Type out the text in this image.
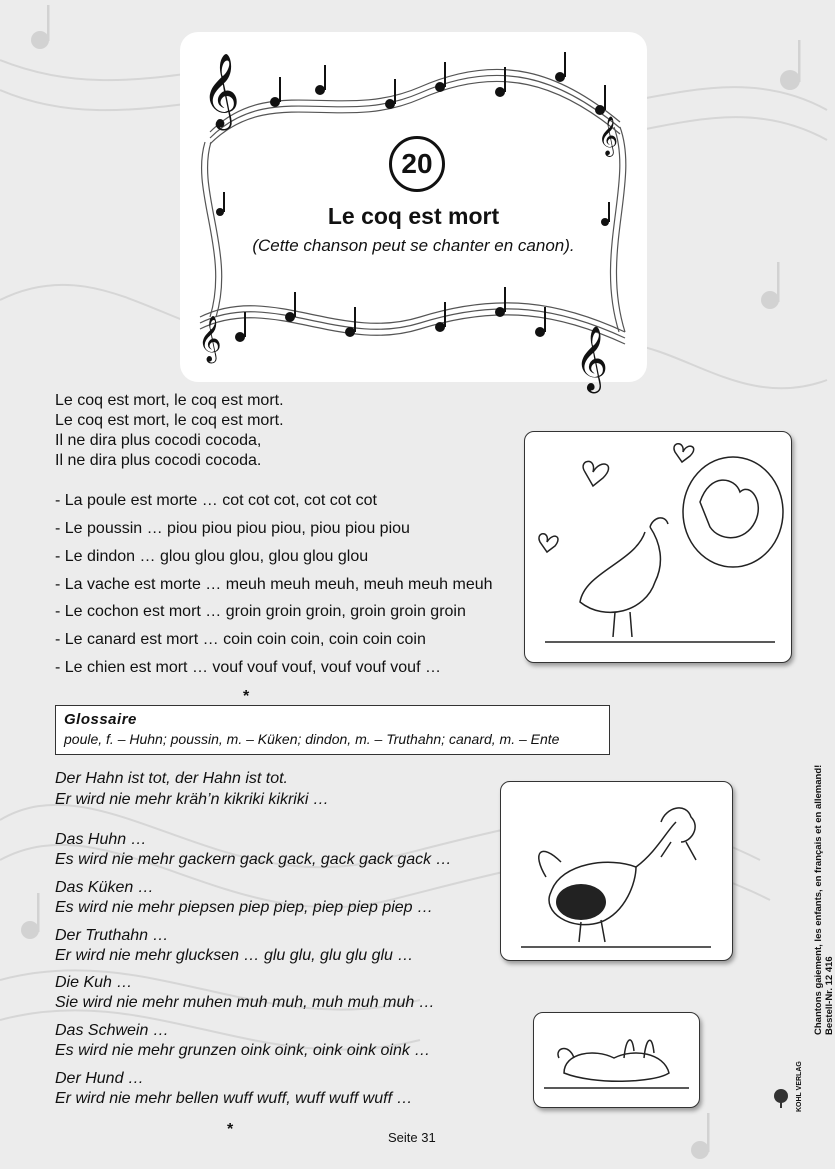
𝄞
𝄞
𝄞
𝄞
20
Le coq est mort
(Cette chanson peut se chanter en canon).
Le coq est mort, le coq est mort.
Le coq est mort, le coq est mort.
Il ne dira plus cocodi cocoda,
Il ne dira plus cocodi cocoda.
- La poule est morte … cot cot cot, cot cot cot
- Le poussin … piou piou piou piou, piou piou piou
- Le dindon … glou glou glou, glou glou glou
- La vache est morte … meuh meuh meuh, meuh meuh meuh
- Le cochon est mort … groin groin groin, groin groin groin
- Le canard est mort … coin coin coin, coin coin coin
- Le chien est mort … vouf vouf vouf, vouf vouf vouf …
*
Glossaire
poule, f. – Huhn; poussin, m. – Küken; dindon, m. – Truthahn; canard, m. – Ente
Der Hahn ist tot, der Hahn ist tot.
Er wird nie mehr kräh’n kikriki kikriki …
Das Huhn …
Es wird nie mehr gackern gack gack, gack gack gack …
Das Küken …
Es wird nie mehr piepsen piep piep, piep piep piep …
Der Truthahn …
Er wird nie mehr glucksen … glu glu, glu glu glu …
Die Kuh …
Sie wird nie mehr muhen muh muh, muh muh muh …
Das Schwein …
Es wird nie mehr grunzen oink oink, oink oink oink …
Der Hund …
Er wird nie mehr bellen wuff wuff, wuff wuff wuff …
*	Seite 31
Chantons gaiement, les enfants, en français et en allemand! Bestell-Nr. 12 416
KOHL VERLAG
